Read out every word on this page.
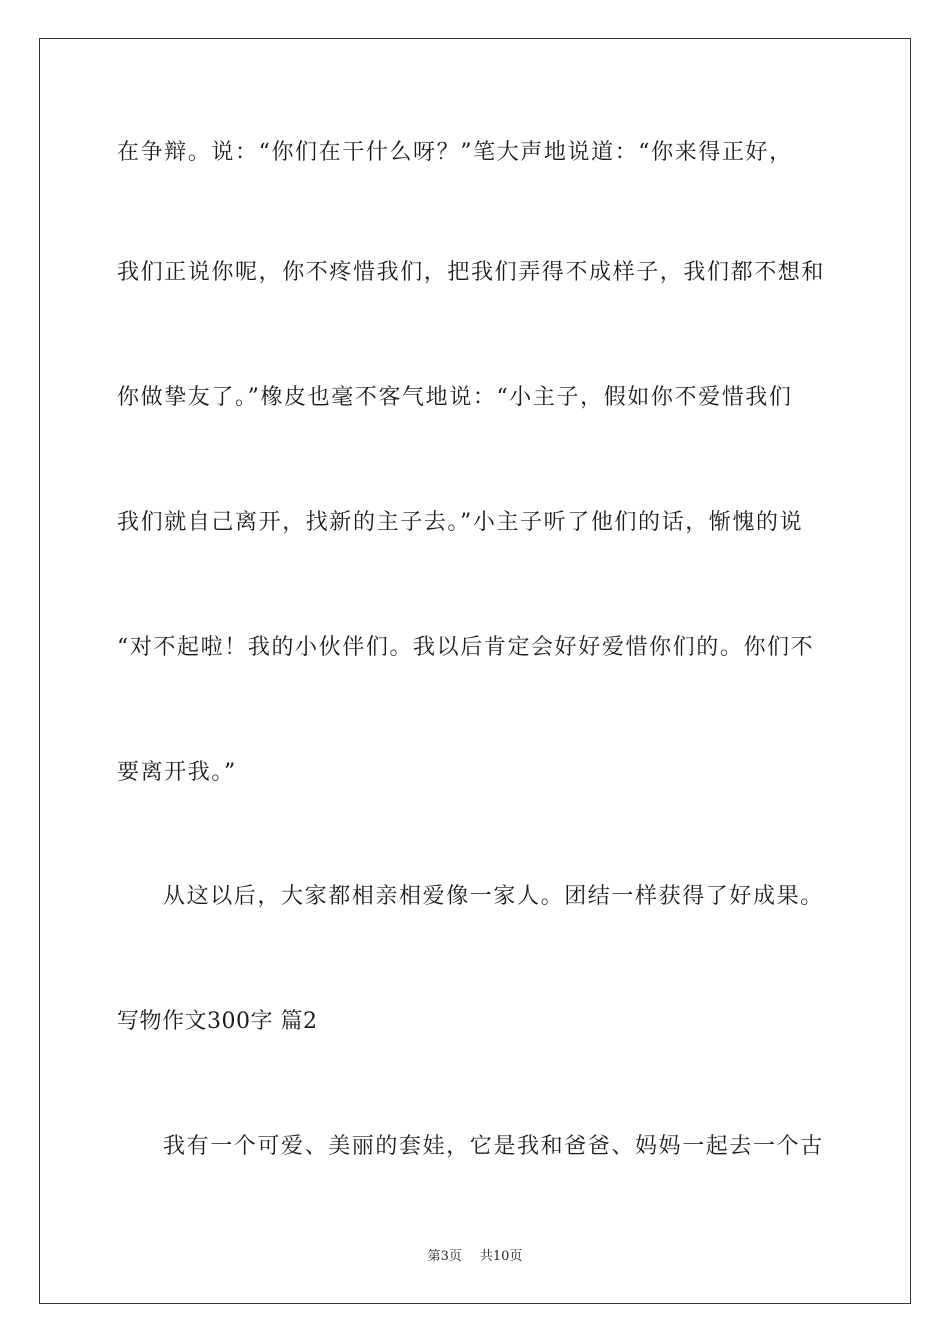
在争辩。说：“你们在干什么呀？”笔大声地说道：“你来得正好，
我们正说你呢，你不疼惜我们，把我们弄得不成样子，我们都不想和
你做挚友了。”橡皮也毫不客气地说：“小主子，假如你不爱惜我们
我们就自己离开，找新的主子去。”小主子听了他们的话，惭愧的说
“对不起啦！我的小伙伴们。我以后肯定会好好爱惜你们的。你们不
要离开我。”
从这以后，大家都相亲相爱像一家人。团结一样获得了好成果。
写物作文300字 篇2
我有一个可爱、美丽的套娃，它是我和爸爸、妈妈一起去一个古
第3页 共10页
